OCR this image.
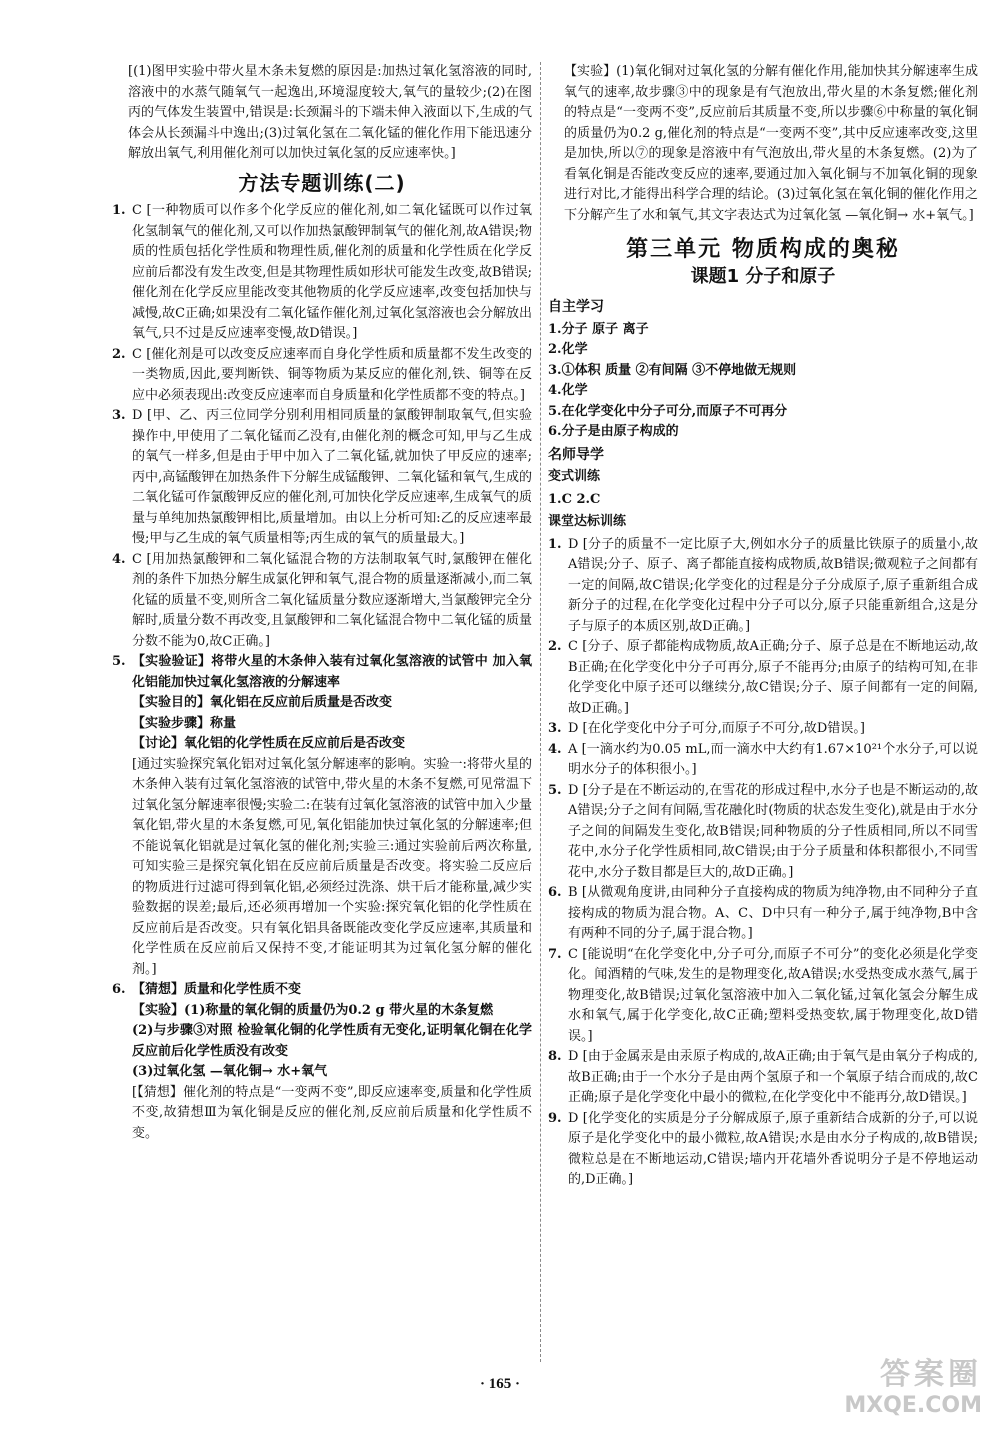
[(1)图甲实验中带火星木条未复燃的原因是:加热过氧化氢溶液的同时,溶液中的水蒸气随氧气一起逸出,环境湿度较大,氧气的量较少;(2)在图丙的气体发生装置中,错误是:长颈漏斗的下端未伸入液面以下,生成的气体会从长颈漏斗中逸出;(3)过氧化氢在二氧化锰的催化作用下能迅速分解放出氧气,利用催化剂可以加快过氧化氢的反应速率快。]

方法专题训练(二)
1. C [一种物质可以作多个化学反应的催化剂,如二氧化锰既可以作过氧化氢制氧气的催化剂,又可以作加热氯酸钾制氧气的催化剂,故A错误;物质的性质包括化学性质和物理性质,催化剂的质量和化学性质在化学反应前后都没有发生改变,但是其物理性质如形状可能发生改变,故B错误;催化剂在化学反应里能改变其他物质的化学反应速率,改变包括加快与减慢,故C正确;如果没有二氧化锰作催化剂,过氧化氢溶液也会分解放出氧气,只不过是反应速率变慢,故D错误。]

2. C [催化剂是可以改变反应速率而自身化学性质和质量都不发生改变的一类物质,因此,要判断铁、铜等物质为某反应的催化剂,铁、铜等在反应中必须表现出:改变反应速率而自身质量和化学性质都不变的特点。]

3. D [甲、乙、丙三位同学分别利用相同质量的氯酸钾制取氧气,但实验操作中,甲使用了二氧化锰而乙没有,由催化剂的概念可知,甲与乙生成的氧气一样多,但是由于甲中加入了二氧化锰,就加快了甲反应的速率;丙中,高锰酸钾在加热条件下分解生成锰酸钾、二氧化锰和氧气,生成的二氧化锰可作氯酸钾反应的催化剂,可加快化学反应速率,生成氧气的质量与单纯加热氯酸钾相比,质量增加。由以上分析可知:乙的反应速率最慢;甲与乙生成的氧气质量相等;丙生成的氧气的质量最大。]

4. C [用加热氯酸钾和二氧化锰混合物的方法制取氧气时,氯酸钾在催化剂的条件下加热分解生成氯化钾和氧气,混合物的质量逐渐减小,而二氧化锰的质量不变,则所含二氧化锰质量分数应逐渐增大,当氯酸钾完全分解时,质量分数不再改变,且氯酸钾和二氧化锰混合物中二氧化锰的质量分数不能为0,故C正确。]

5. 【实验验证】将带火星的木条伸入装有过氧化氢溶液的试管中 加入氧化铝能加快过氧化氢溶液的分解速率

【实验目的】氧化铝在反应前后质量是否改变

【实验步骤】称量

【讨论】氧化铝的化学性质在反应前后是否改变

[通过实验探究氧化铝对过氧化氢分解速率的影响。实验一:将带火星的木条伸入装有过氧化氢溶液的试管中,带火星的木条不复燃,可见常温下过氧化氢分解速率很慢;实验二:在装有过氧化氢溶液的试管中加入少量氧化铝,带火星的木条复燃,可见,氧化铝能加快过氧化氢的分解速率;但不能说氧化铝就是过氧化氢的催化剂;实验三:通过实验前后两次称量,可知实验三是探究氧化铝在反应前后质量是否改变。将实验二反应后的物质进行过滤可得到氧化铝,必须经过洗涤、烘干后才能称量,减少实验数据的误差;最后,还必须再增加一个实验:探究氧化铝的化学性质在反应前后是否改变。只有氧化铝具备既能改变化学反应速率,其质量和化学性质在反应前后又保持不变,才能证明其为过氧化氢分解的催化剂。]

6. 【猜想】质量和化学性质不变

【实验】(1)称量的氧化铜的质量仍为0.2 g 带火星的木条复燃

(2)与步骤③对照 检验氧化铜的化学性质有无变化,证明氧化铜在化学反应前后化学性质没有改变

(3)过氧化氢 —氧化铜→ 水+氧气

[【猜想】催化剂的特点是“一变两不变”,即反应速率变,质量和化学性质不变,故猜想Ⅲ为氧化铜是反应的催化剂,反应前后质量和化学性质不变。

【实验】(1)氧化铜对过氧化氢的分解有催化作用,能加快其分解速率生成氧气的速率,故步骤③中的现象是有气泡放出,带火星的木条复燃;催化剂的特点是“一变两不变”,反应前后其质量不变,所以步骤⑥中称量的氧化铜的质量仍为0.2 g,催化剂的特点是“一变两不变”,其中反应速率改变,这里是加快,所以⑦的现象是溶液中有气泡放出,带火星的木条复燃。(2)为了看氧化铜是否能改变反应的速率,要通过加入氧化铜与不加氧化铜的现象进行对比,才能得出科学合理的结论。(3)过氧化氢在氧化铜的催化作用之下分解产生了水和氧气,其文字表达式为过氧化氢 —氧化铜→ 水+氧气。]

第三单元 物质构成的奥秘
课题1 分子和原子
自主学习

1.分子 原子 离子

2.化学

3.①体积 质量 ②有间隔 ③不停地做无规则

4.化学

5.在化学变化中分子可分,而原子不可再分

6.分子是由原子构成的

名师导学
变式训练

1.C 2.C

课堂达标训练
1. D [分子的质量不一定比原子大,例如水分子的质量比铁原子的质量小,故A错误;分子、原子、离子都能直接构成物质,故B错误;微观粒子之间都有一定的间隔,故C错误;化学变化的过程是分子分成原子,原子重新组合成新分子的过程,在化学变化过程中分子可以分,原子只能重新组合,这是分子与原子的本质区别,故D正确。]

2. C [分子、原子都能构成物质,故A正确;分子、原子总是在不断地运动,故B正确;在化学变化中分子可再分,原子不能再分;由原子的结构可知,在非化学变化中原子还可以继续分,故C错误;分子、原子间都有一定的间隔,故D正确。]

3. D [在化学变化中分子可分,而原子不可分,故D错误。]

4. A [一滴水约为0.05 mL,而一滴水中大约有1.67×10²¹个水分子,可以说明水分子的体积很小。]

5. D [分子是在不断运动的,在雪花的形成过程中,水分子也是不断运动的,故A错误;分子之间有间隔,雪花融化时(物质的状态发生变化),就是由于水分子之间的间隔发生变化,故B错误;同种物质的分子性质相同,所以不同雪花中,水分子化学性质相同,故C错误;由于分子质量和体积都很小,不同雪花中,水分子数目都是巨大的,故D正确。]

6. B [从微观角度讲,由同种分子直接构成的物质为纯净物,由不同种分子直接构成的物质为混合物。A、C、D中只有一种分子,属于纯净物,B中含有两种不同的分子,属于混合物。]

7. C [能说明“在化学变化中,分子可分,而原子不可分”的变化必须是化学变化。闻酒精的气味,发生的是物理变化,故A错误;水受热变成水蒸气,属于物理变化,故B错误;过氧化氢溶液中加入二氧化锰,过氧化氢会分解生成水和氧气,属于化学变化,故C正确;塑料受热变软,属于物理变化,故D错误。]

8. D [由于金属汞是由汞原子构成的,故A正确;由于氧气是由氧分子构成的,故B正确;由于一个水分子是由两个氢原子和一个氧原子结合而成的,故C正确;原子是化学变化中最小的微粒,在化学变化中不能再分,故D错误。]

9. D [化学变化的实质是分子分解成原子,原子重新结合成新的分子,可以说原子是化学变化中的最小微粒,故A错误;水是由水分子构成的,故B错误;微粒总是在不断地运动,C错误;墙内开花墙外香说明分子是不停地运动的,D正确。]

· 165 ·	答案圈
MXQE.COM
